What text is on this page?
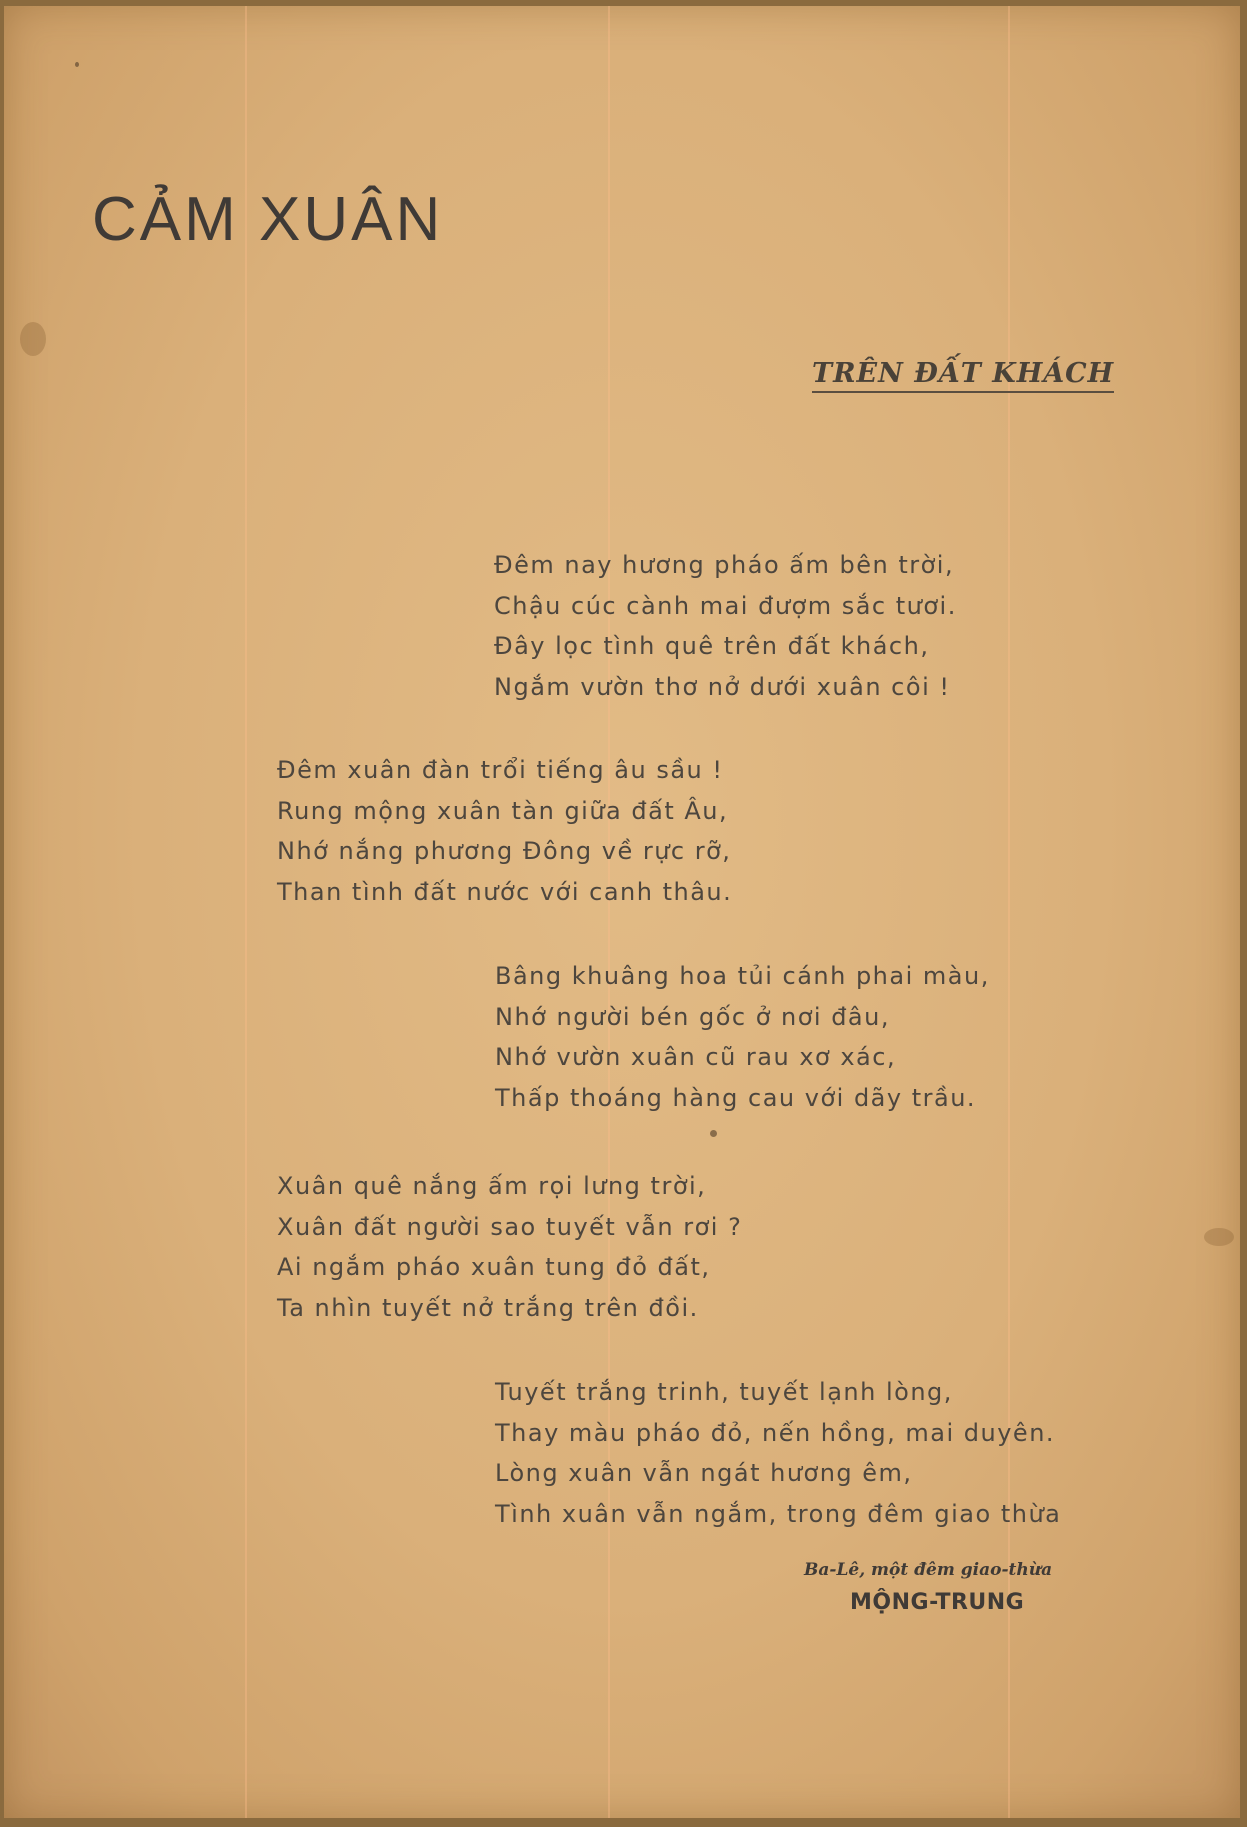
CẢM XUÂN
TRÊN ĐẤT KHÁCH
Đêm nay hương pháo ấm bên trời,
Chậu cúc cành mai đượm sắc tươi.
Đây lọc tình quê trên đất khách,
Ngắm vườn thơ nở dưới xuân côi !
Đêm xuân đàn trổi tiếng âu sầu !
Rung mộng xuân tàn giữa đất Âu,
Nhớ nắng phương Đông về rực rỡ,
Than tình đất nước với canh thâu.
Bâng khuâng hoa tủi cánh phai màu,
Nhớ người bén gốc ở nơi đâu,
Nhớ vườn xuân cũ rau xơ xác,
Thấp thoáng hàng cau với dãy trầu.
Xuân quê nắng ấm rọi lưng trời,
Xuân đất người sao tuyết vẫn rơi ?
Ai ngắm pháo xuân tung đỏ đất,
Ta nhìn tuyết nở trắng trên đồi.
Tuyết trắng trinh, tuyết lạnh lòng,
Thay màu pháo đỏ, nến hồng, mai duyên.
Lòng xuân vẫn ngát hương êm,
Tình xuân vẫn ngắm, trong đêm giao thừa
Ba-Lê, một đêm giao-thừa
MỘNG-TRUNG
